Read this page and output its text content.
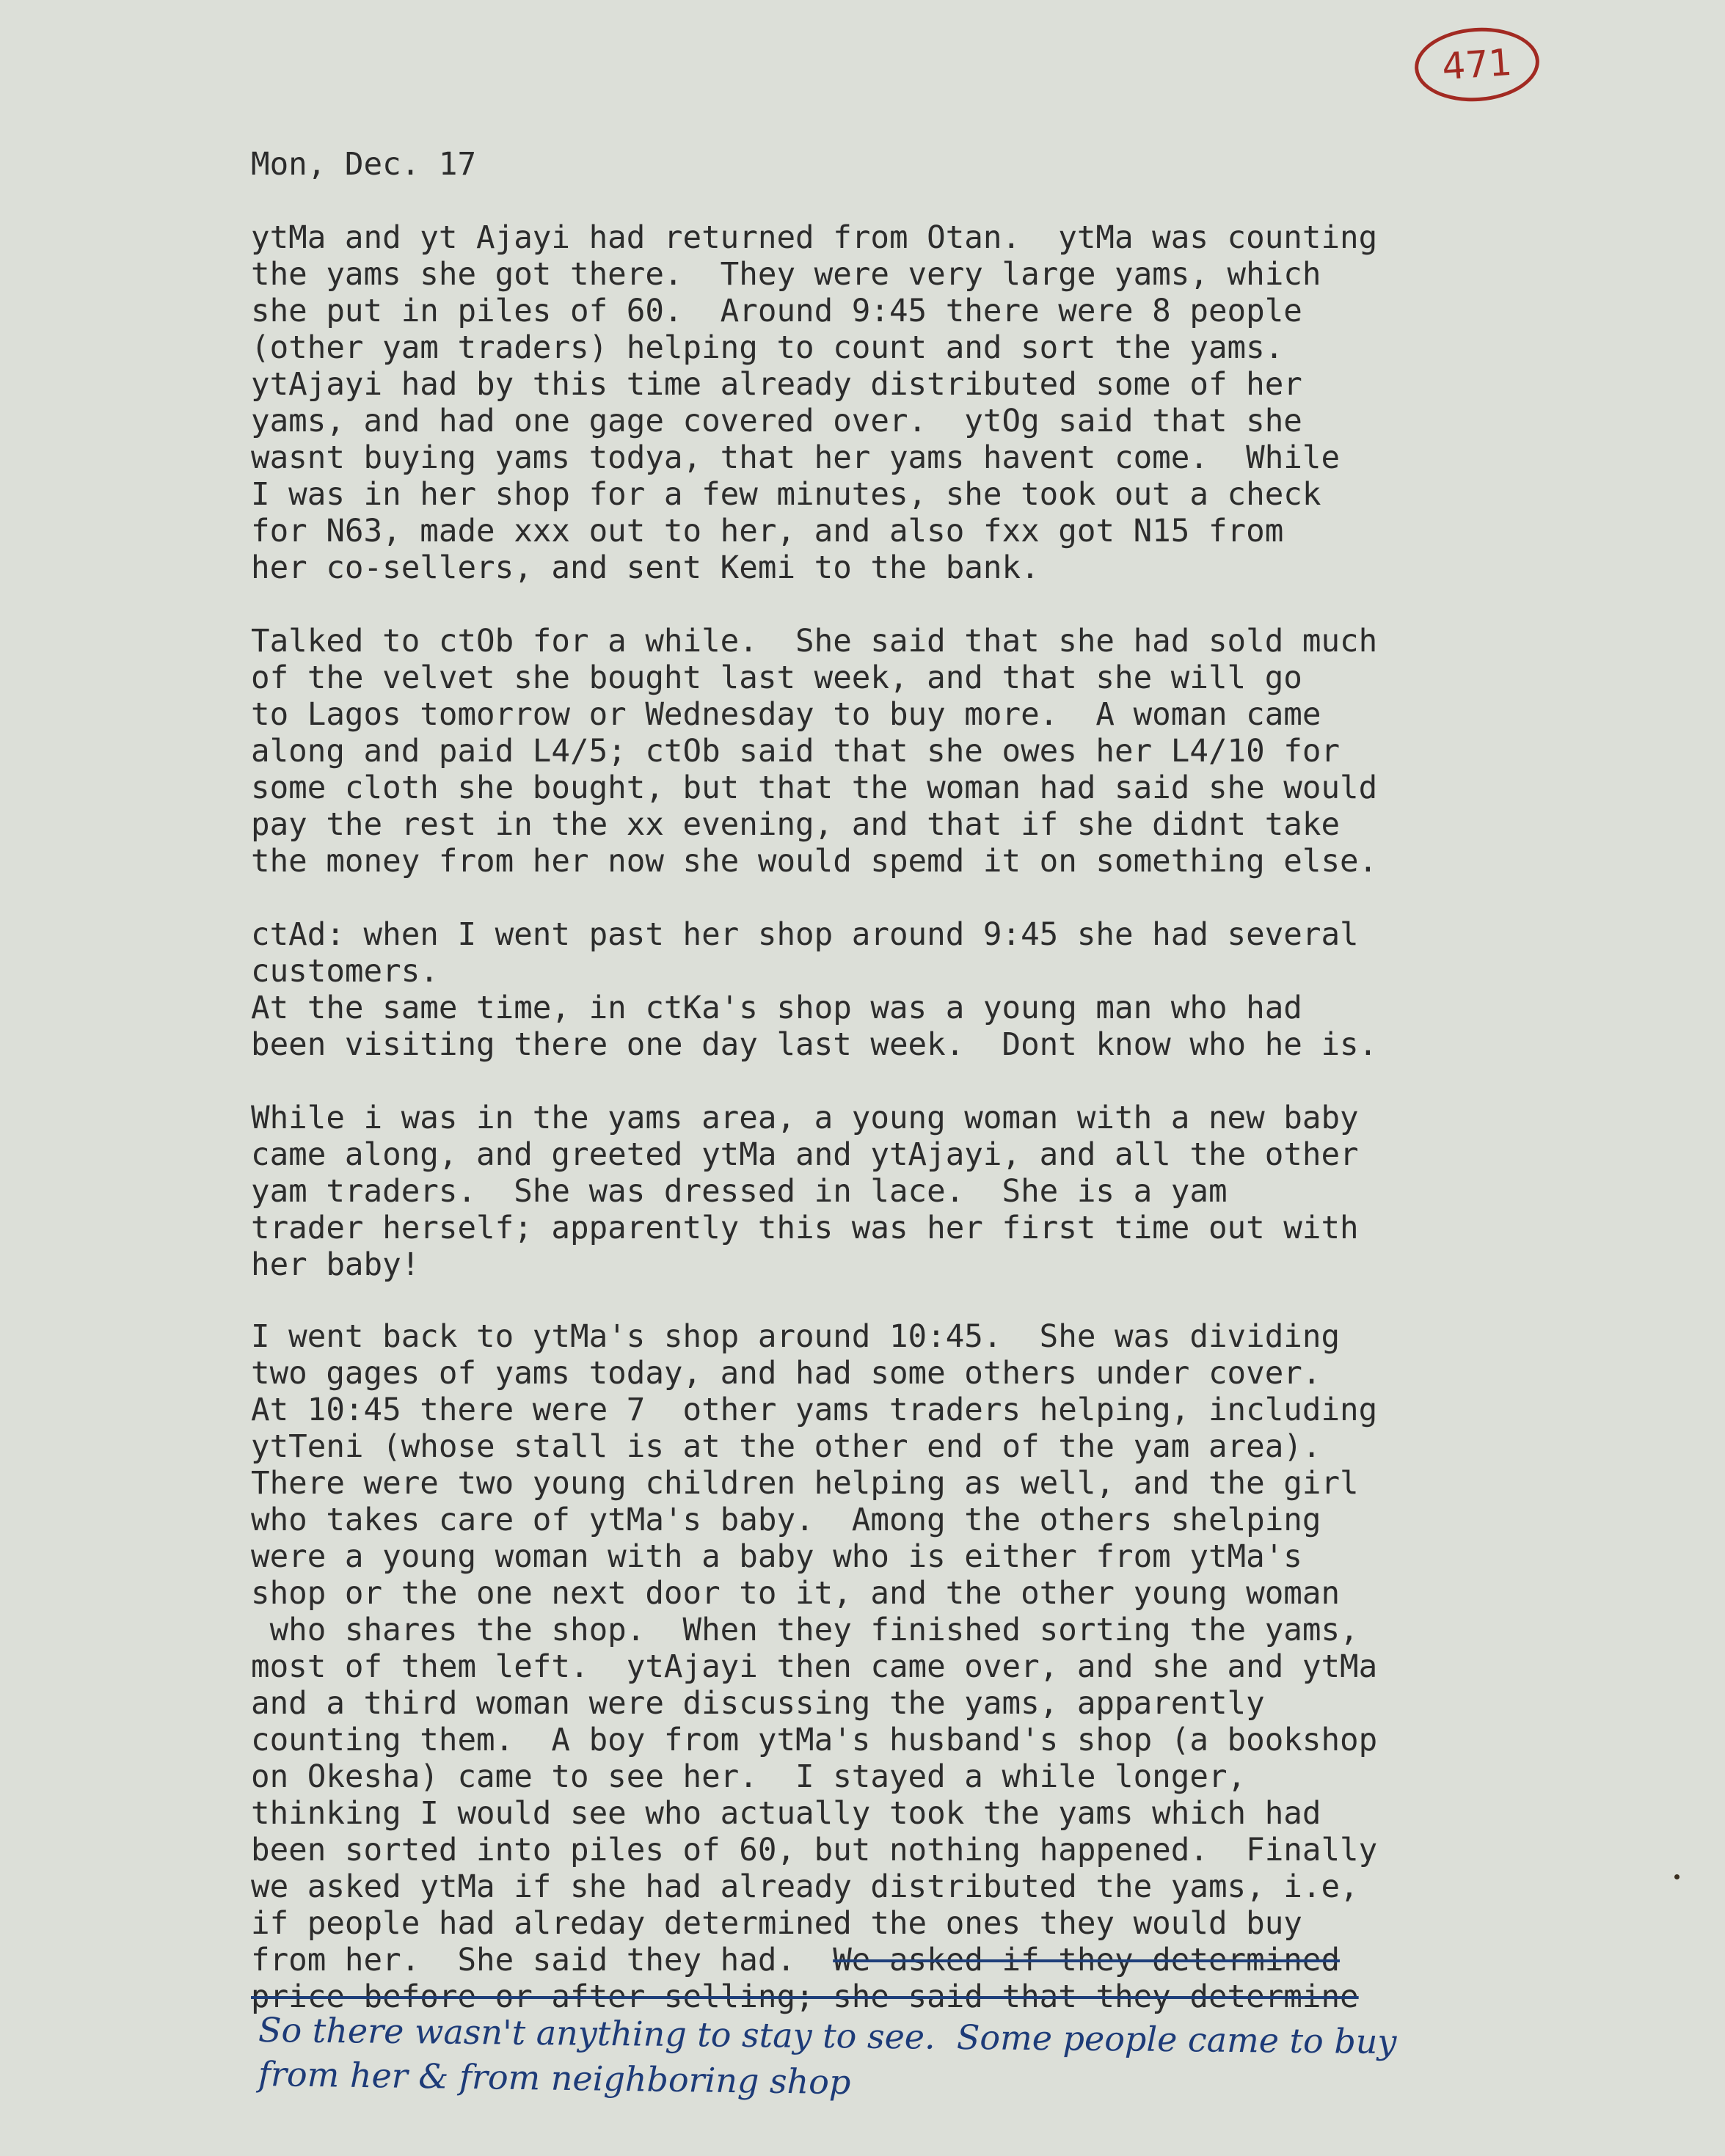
471
Mon, Dec. 17
ytMa and yt Ajayi had returned from Otan.  ytMa was counting
the yams she got there.  They were very large yams, which
she put in piles of 60.  Around 9:45 there were 8 people
(other yam traders) helping to count and sort the yams.
ytAjayi had by this time already distributed some of her
yams, and had one gage covered over.  ytOg said that she
wasnt buying yams todya, that her yams havent come.  While
I was in her shop for a few minutes, she took out a check
for N63, made xxx out to her, and also fxx got N15 from
her co-sellers, and sent Kemi to the bank.
Talked to ctOb for a while.  She said that she had sold much
of the velvet she bought last week, and that she will go
to Lagos tomorrow or Wednesday to buy more.  A woman came
along and paid L4/5; ctOb said that she owes her L4/10 for
some cloth she bought, but that the woman had said she would
pay the rest in the xx evening, and that if she didnt take
the money from her now she would spemd it on something else.
ctAd: when I went past her shop around 9:45 she had several
customers.
At the same time, in ctKa's shop was a young man who had
been visiting there one day last week.  Dont know who he is.
While i was in the yams area, a young woman with a new baby
came along, and greeted ytMa and ytAjayi, and all the other
yam traders.  She was dressed in lace.  She is a yam
trader herself; apparently this was her first time out with
her baby!
I went back to ytMa's shop around 10:45.  She was dividing
two gages of yams today, and had some others under cover.
At 10:45 there were 7  other yams traders helping, including
ytTeni (whose stall is at the other end of the yam area).
There were two young children helping as well, and the girl
who takes care of ytMa's baby.  Among the others shelping
were a young woman with a baby who is either from ytMa's
shop or the one next door to it, and the other young woman
who shares the shop.  When they finished sorting the yams,
most of them left.  ytAjayi then came over, and she and ytMa
and a third woman were discussing the yams, apparently
counting them.  A boy from ytMa's husband's shop (a bookshop
on Okesha) came to see her.  I stayed a while longer,
thinking I would see who actually took the yams which had
been sorted into piles of 60, but nothing happened.  Finally
we asked ytMa if she had already distributed the yams, i.e,
if people had alreday determined the ones they would buy
from her.  She said they had.  We asked if they determined
price before or after selling; she said that they determine
So there wasn't anything to stay to see.  Some people came to buy
from her & from neighboring shop
